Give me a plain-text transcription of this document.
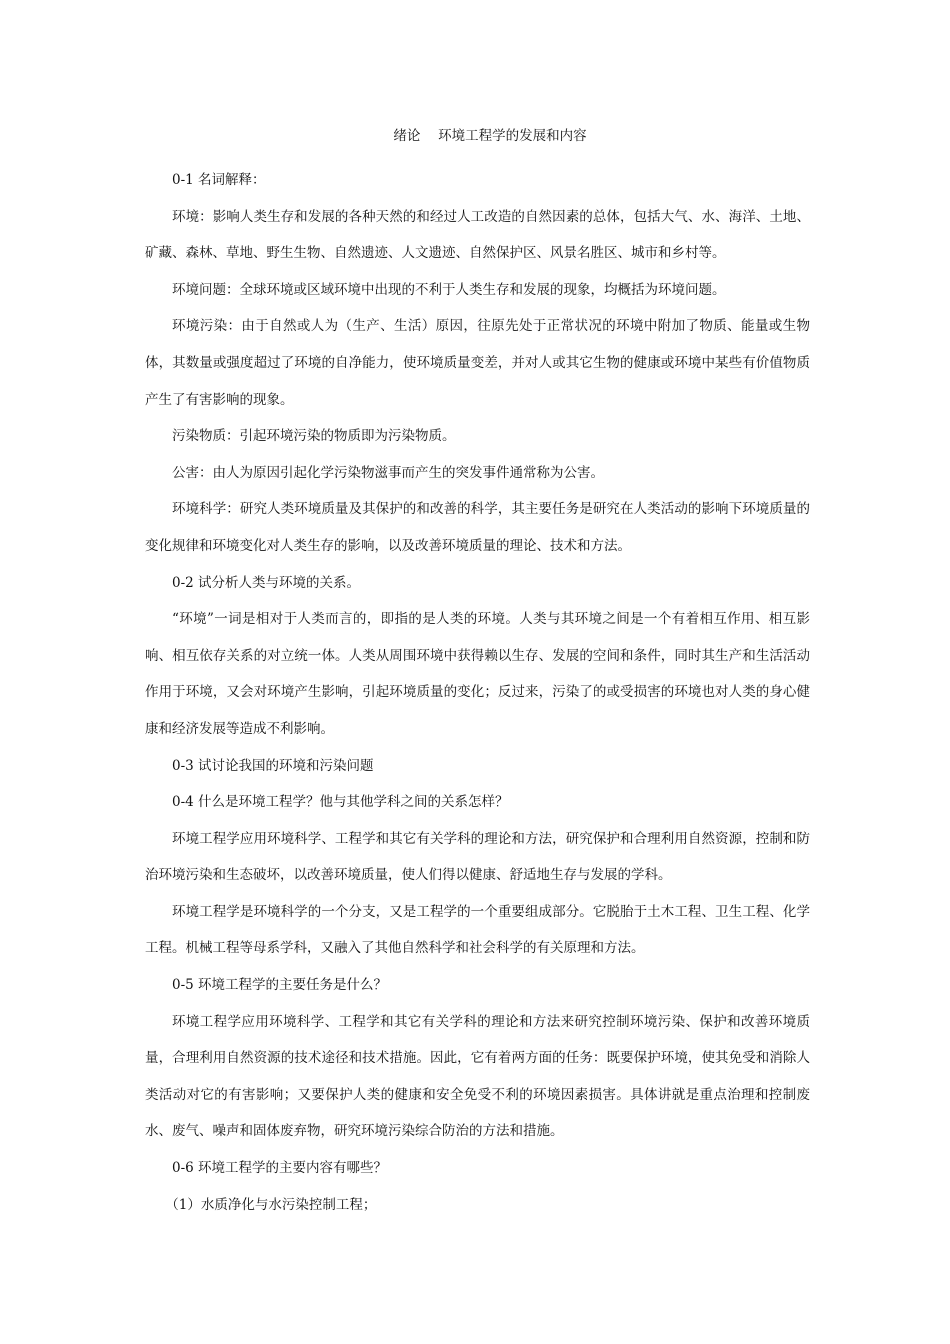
绪论　 环境工程学的发展和内容

0-1 名词解释：

环境：影响人类生存和发展的各种天然的和经过人工改造的自然因素的总体，包括大气、水、海洋、土地、矿藏、森林、草地、野生生物、自然遗迹、人文遗迹、自然保护区、风景名胜区、城市和乡村等。

环境问题：全球环境或区域环境中出现的不利于人类生存和发展的现象，均概括为环境问题。

环境污染：由于自然或人为（生产、生活）原因，往原先处于正常状况的环境中附加了物质、能量或生物体，其数量或强度超过了环境的自净能力，使环境质量变差，并对人或其它生物的健康或环境中某些有价值物质产生了有害影响的现象。

污染物质：引起环境污染的物质即为污染物质。

公害：由人为原因引起化学污染物滋事而产生的突发事件通常称为公害。

环境科学：研究人类环境质量及其保护的和改善的科学，其主要任务是研究在人类活动的影响下环境质量的变化规律和环境变化对人类生存的影响，以及改善环境质量的理论、技术和方法。

0-2 试分析人类与环境的关系。

“环境”一词是相对于人类而言的，即指的是人类的环境。人类与其环境之间是一个有着相互作用、相互影响、相互依存关系的对立统一体。人类从周围环境中获得赖以生存、发展的空间和条件，同时其生产和生活活动作用于环境，又会对环境产生影响，引起环境质量的变化；反过来，污染了的或受损害的环境也对人类的身心健康和经济发展等造成不利影响。

0-3 试讨论我国的环境和污染问题

0-4 什么是环境工程学？他与其他学科之间的关系怎样？

环境工程学应用环境科学、工程学和其它有关学科的理论和方法，研究保护和合理利用自然资源，控制和防治环境污染和生态破坏，以改善环境质量，使人们得以健康、舒适地生存与发展的学科。

环境工程学是环境科学的一个分支，又是工程学的一个重要组成部分。它脱胎于土木工程、卫生工程、化学工程。机械工程等母系学科，又融入了其他自然科学和社会科学的有关原理和方法。

0-5 环境工程学的主要任务是什么？

环境工程学应用环境科学、工程学和其它有关学科的理论和方法来研究控制环境污染、保护和改善环境质量，合理利用自然资源的技术途径和技术措施。因此，它有着两方面的任务：既要保护环境，使其免受和消除人类活动对它的有害影响；又要保护人类的健康和安全免受不利的环境因素损害。具体讲就是重点治理和控制废水、废气、噪声和固体废弃物，研究环境污染综合防治的方法和措施。

0-6 环境工程学的主要内容有哪些？

（1）水质净化与水污染控制工程；
